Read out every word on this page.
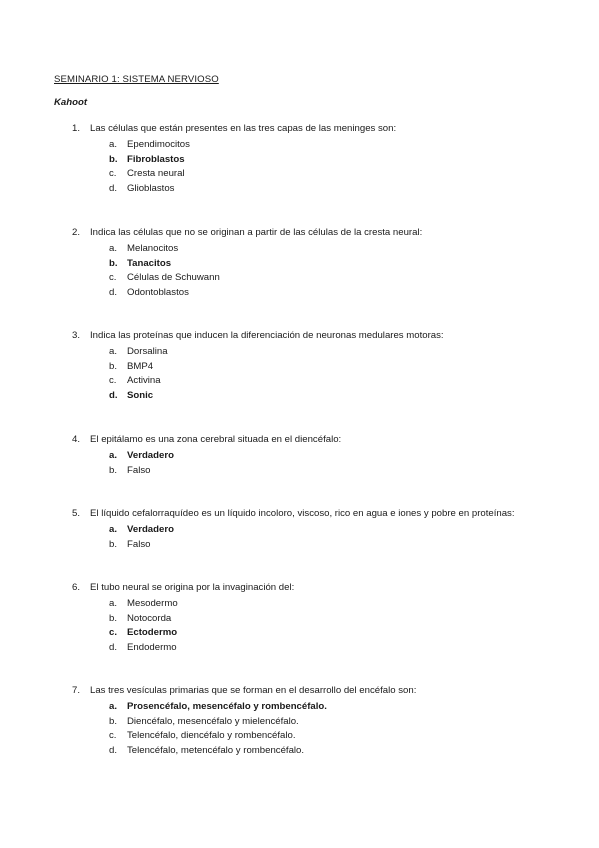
SEMINARIO 1: SISTEMA NERVIOSO
Kahoot
1. Las células que están presentes en las tres capas de las meninges son:
a. Ependimocitos
b. Fibroblastos
c. Cresta neural
d. Glioblastos
2. Indica las células que no se originan a partir de las células de la cresta neural:
a. Melanocitos
b. Tanacitos
c. Células de Schuwann
d. Odontoblastos
3. Indica las proteínas que inducen la diferenciación de neuronas medulares motoras:
a. Dorsalina
b. BMP4
c. Activina
d. Sonic
4. El epitálamo es una zona cerebral situada en el diencéfalo:
a. Verdadero
b. Falso
5. El líquido cefalorraquídeo es un líquido incoloro, viscoso, rico en agua e iones y pobre en proteínas:
a. Verdadero
b. Falso
6. El tubo neural se origina por la invaginación del:
a. Mesodermo
b. Notocorda
c. Ectodermo
d. Endodermo
7. Las tres vesículas primarias que se forman en el desarrollo del encéfalo son:
a. Prosencéfalo, mesencéfalo y rombencéfalo.
b. Diencéfalo, mesencéfalo y mielencéfalo.
c. Telencéfalo, diencéfalo y rombencéfalo.
d. Telencéfalo, metencéfalo y rombencéfalo.
